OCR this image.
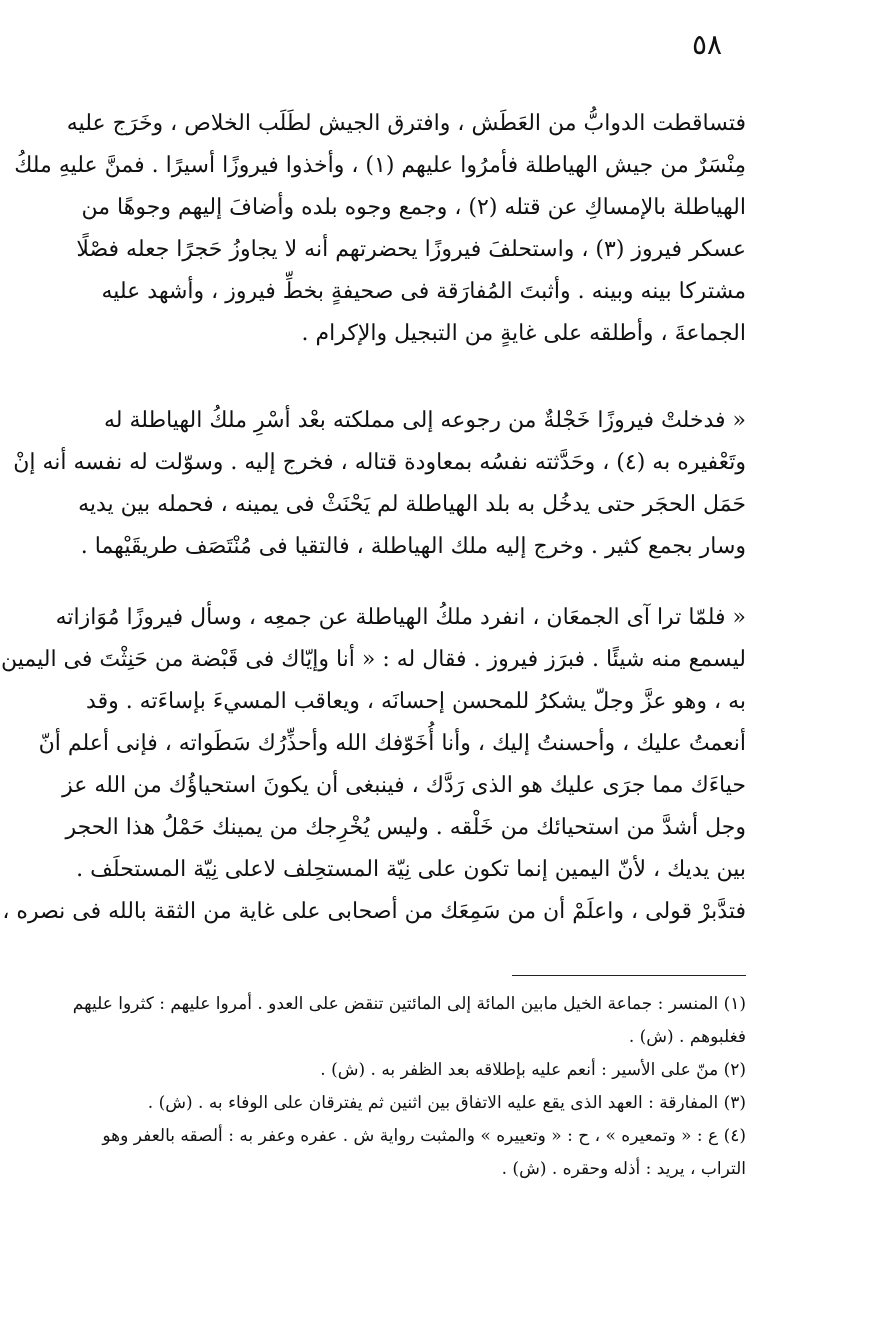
٥٨
فتساقطت الدوابُّ من العَطَش ، وافترق الجيش لطَلَب الخلاص ، وخَرَج عليه
مِنْسَرٌ من جيش الهياطلة فأمرُوا عليهم (١) ، وأخذوا فيروزًا أسيرًا . فمنَّ عليهِ ملكُ
الهياطلة بالإمساكِ عن قتله (٢) ، وجمع وجوه بلده وأضافَ إليهم وجوهًا من
عسكر فيروز (٣) ، واستحلفَ فيروزًا يحضرتهم أنه لا يجاوزُ حَجرًا جعله فصْلًا
مشتركا بينه وبينه . وأثبتَ المُفارَقة فى صحيفةٍ بخطِّ فيروز ، وأشهد عليه
الجماعةَ ، وأطلقه على غايةٍ من التبجيل والإكرام .
« فدخلتْ فيروزًا خَجْلةٌ من رجوعه إلى مملكته بعْد أسْرِ ملكُ الهياطلة له
وتَعْفيره به (٤) ، وحَدَّثته نفسُه بمعاودة قتاله ، فخرج إليه . وسوّلت له نفسه أنه إنْ
حَمَل الحجَر حتى يدخُل به بلد الهياطلة لم يَحْنَثْ فى يمينه ، فحمله بين يديه
وسار بجمع كثير . وخرج إليه ملك الهياطلة ، فالتقيا فى مُنْتَصَف طريقَيْهما .
« فلمّا ترا آى الجمعَان ، انفرد ملكُ الهياطلة عن جمعِه ، وسأل فيروزًا مُوَازاته
ليسمع منه شيئًا . فبرَز فيروز . فقال له : « أنا وإيّاك فى قَبْضة من حَنِثْتَ فى اليمين
به ، وهو عزَّ وجلّ يشكرُ للمحسن إحسانَه ، ويعاقب المسيءَ بإساءَته . وقد
أنعمتُ عليك ، وأحسنتُ إليك ، وأنا أُخَوّفك الله وأحذِّرُك سَطَواته ، فإنى أعلم أنّ
حياءَك مما جرَى عليك هو الذى رَدَّك ، فينبغى أن يكونَ استحياؤُك من الله عز
وجل أشدَّ من استحيائك من خَلْقه . وليس يُخْرِجك من يمينك حَمْلُ هذا الحجر
بين يديك ، لأنّ اليمين إنما تكون على نِيّة المستحِلف لاعلى نِيّة المستحلَف .
فتدَّبرْ قولى ، واعلَمْ أن من سَمِعَك من أصحابى على غاية من الثقة بالله فى نصره ،
(١) المنسر : جماعة الخيل مابين المائة إلى المائتين تنقض على العدو . أمروا عليهم : كثروا عليهم
فغلبوهم . (ش) .
(٢) منّ على الأسير : أنعم عليه بإطلاقه بعد الظفر به . (ش) .
(٣) المفارقة : العهد الذى يقع عليه الاتفاق بين اثنين ثم يفترقان على الوفاء به . (ش) .
(٤) ع : « وتمعيره » ، ح : « وتعييره » والمثبت رواية ش . عفره وعفر به : ألصقه بالعفر وهو
التراب ، يريد : أذله وحقره . (ش) .
